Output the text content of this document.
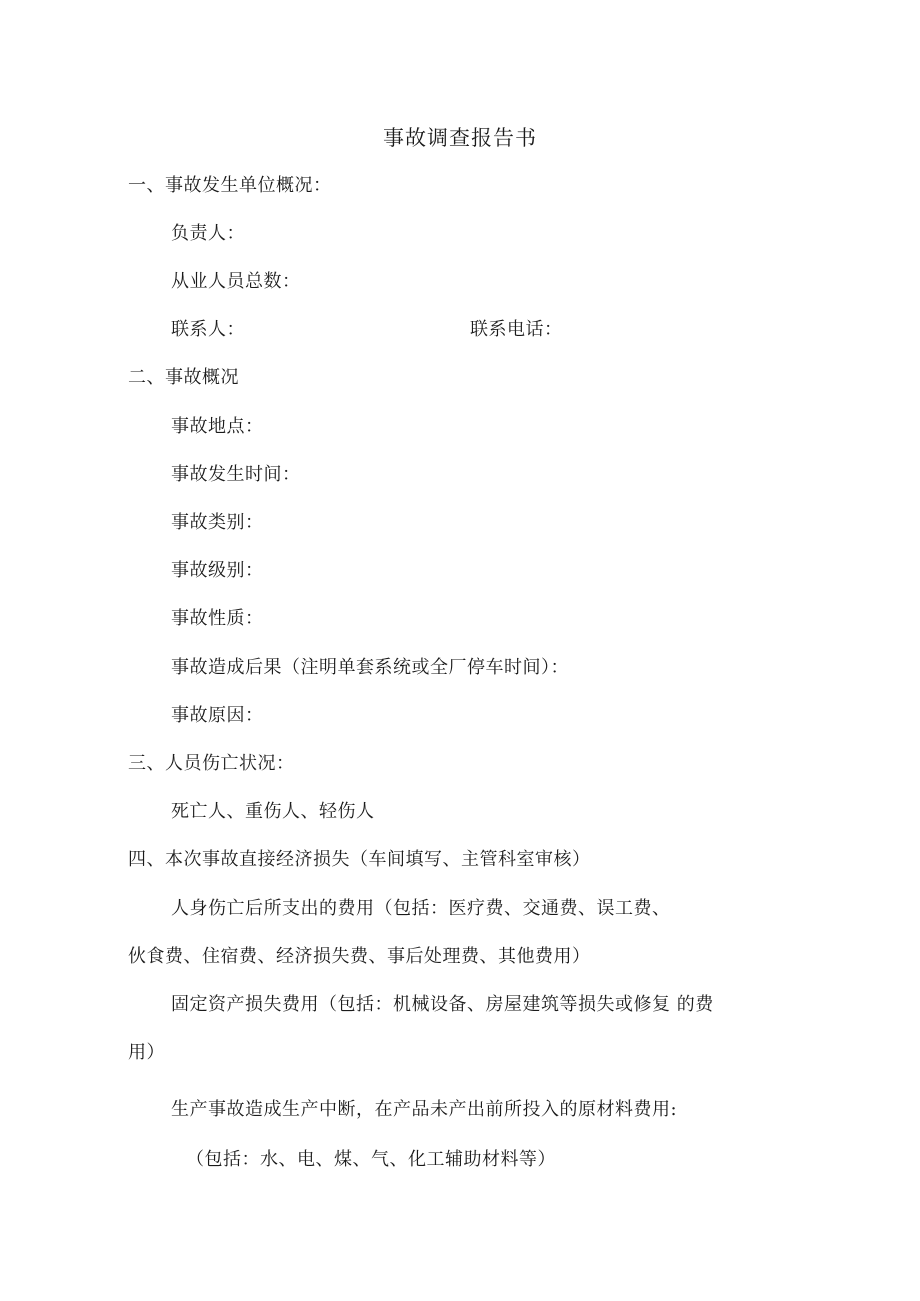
事故调查报告书
一、事故发生单位概况：
负责人：
从业人员总数：
联系人：	联系电话：
二、事故概况
事故地点：
事故发生时间：
事故类别：
事故级别：
事故性质：
事故造成后果（注明单套系统或全厂停车时间）：
事故原因：
三、人员伤亡状况：
死亡人、重伤人、轻伤人
四、本次事故直接经济损失（车间填写、主管科室审核）
人身伤亡后所支出的费用（包括：医疗费、交通费、误工费、
伙食费、住宿费、经济损失费、事后处理费、其他费用）
固定资产损失费用（包括：机械设备、房屋建筑等损失或修复 的费
用）
生产事故造成生产中断，在产品未产出前所投入的原材料费用:
（包括：水、电、煤、气、化工辅助材料等）
